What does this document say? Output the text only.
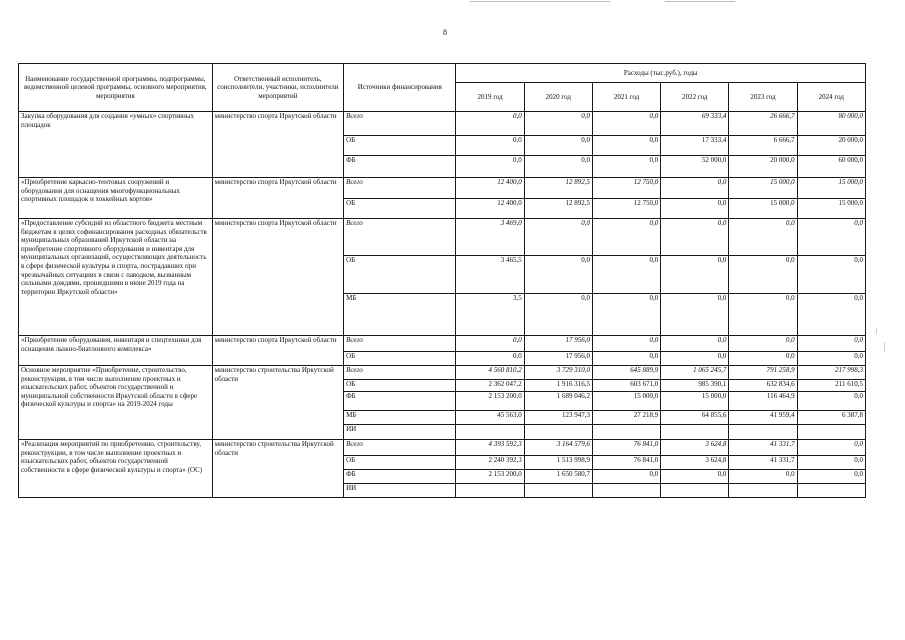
8
Наименование государственной программы, подпрограммы, ведомственной целевой программы, основного мероприятия, мероприятия	Ответственный исполнитель, соисполнители, участники, исполнители мероприятий	Источники финансирования	Расходы (тыс.руб.), годы					
			2019 год	2020 год	2021 год	2022 год	2023 год	2024 год
Закупка оборудования для создания «умных» спортивных площадок	министерство спорта Иркутской области	Всего	0,0	0,0	0,0	69 333,4	26 666,7	80 000,0
		ОБ	0,0	0,0	0,0	17 333,4	6 666,7	20 000,0
		ФБ	0,0	0,0	0,0	52 000,0	20 000,0	60 000,0
«Приобретение каркасно-тентовых сооружений и оборудования для оснащения многофункциональных спортивных площадок и хоккейных кортов»	министерство спорта Иркутской области	Всего	12 400,0	12 892,5	12 750,0	0,0	15 000,0	15 000,0
		ОБ	12 400,0	12 892,5	12 750,0	0,0	15 000,0	15 000,0
«Предоставление субсидий из областного бюджета местным бюджетам в целях софинансирования расходных обязательств муниципальных образований Иркутской области на приобретение спортивного оборудования и инвентаря для муниципальных организаций, осуществляющих деятельность в сфере физической культуры и спорта, пострадавших при чрезвычайных ситуациях в связи с паводком, вызванным сильными дождями, прошедшими в июне 2019 года на территории Иркутской области»	министерство спорта Иркутской области	Всего	3 469,0	0,0	0,0	0,0	0,0	0,0
		ОБ	3 465,5	0,0	0,0	0,0	0,0	0,0
		МБ	3,5	0,0	0,0	0,0	0,0	0,0
«Приобретение оборудования, инвентаря и спецтехники для оснащения лыжно-биатлонного комплекса»	министерство спорта Иркутской области	Всего	0,0	17 956,0	0,0	0,0	0,0	0,0
		ОБ	0,0	17 956,0	0,0	0,0	0,0	0,0
Основное мероприятие «Приобретение, строительство, реконструкция, в том числе выполнение проектных и изыскательских работ, объектов государственной и муниципальной собственности Иркутской области в сфере физической культуры и спорта» на 2019-2024 годы	министерство строительства Иркутской области	Всего	4 560 810,2	3 729 310,0	645 889,9	1 065 245,7	791 258,9	217 998,3
		ОБ	2 362 047,2	1 916 316,5	603 671,0	985 390,1	632 834,6	211 610,5
		ФБ	2 153 200,0	1 689 046,2	15 000,0	15 000,0	116 464,9	0,0
		МБ	45 563,0	123 947,3	27 218,9	64 855,6	41 959,4	6 387,8
		ИИ						
«Реализация мероприятий по приобретению, строительству, реконструкции, в том числе выполнение проектных и изыскательских работ, объектов государственной собственности в сфере физической культуры и спорта» (ОС)	министерство строительства Иркутской области	Всего	4 393 592,3	3 164 579,6	76 841,0	3 624,8	41 331,7	0,0
		ОБ	2 240 392,3	1 513 998,9	76 841,0	3 624,8	41 331,7	0,0
		ФБ	2 153 200,0	1 650 580,7	0,0	0,0	0,0	0,0
		ИИ						
